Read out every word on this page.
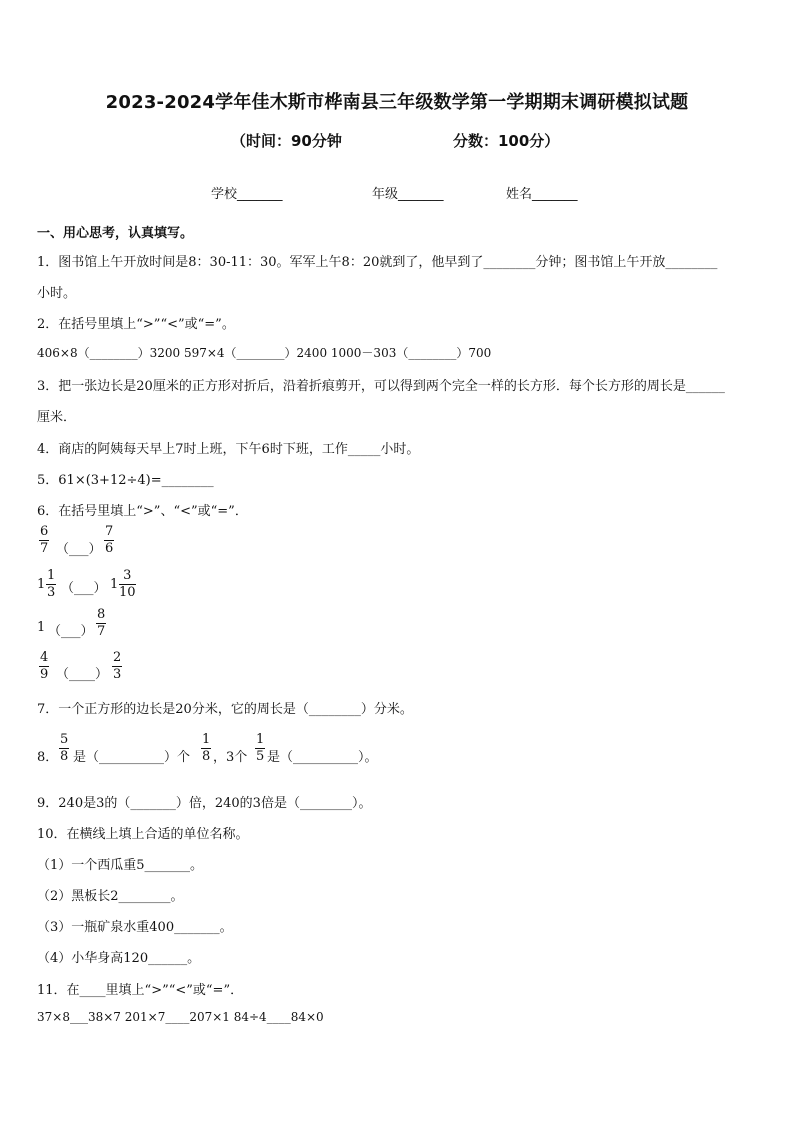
2023-2024学年佳木斯市桦南县三年级数学第一学期期末调研模拟试题
（时间：90分钟	分数：100分）
学校_______	年级_______	姓名_______
一、用心思考，认真填写。
1．图书馆上午开放时间是8：30-11：30。军军上午8：20就到了，他早到了________分钟；图书馆上午开放________
小时。
2．在括号里填上“>”“<”或“=”。
406×8（________）3200 597×4（________）2400 1000－303（________）700
3．把一张边长是20厘米的正方形对折后，沿着折痕剪开，可以得到两个完全一样的长方形．每个长方形的周长是______
厘米．
4．商店的阿姨每天早上7时上班，下午6时下班，工作_____小时。
5．61×(3+12÷4)=________
6．在括号里填上“>”、“<”或“=”．
6
7 （___）
7
6
1
1
3 （___） 1
3
10
1 （___）
8
7
4
9 （____）
2
3
7．一个正方形的边长是20分米，它的周长是（________）分米。
8．
5
8 是（__________）个
1
8 ，3个
1
5 是（__________）。
9．240是3的（_______）倍，240的3倍是（________）。
10．在横线上填上合适的单位名称。
（1）一个西瓜重5_______。
（2）黑板长2________。
（3）一瓶矿泉水重400_______。
（4）小华身高120______。
11．在____里填上“>”“<”或“=”．
37×8___38×7 201×7____207×1 84÷4____84×0
